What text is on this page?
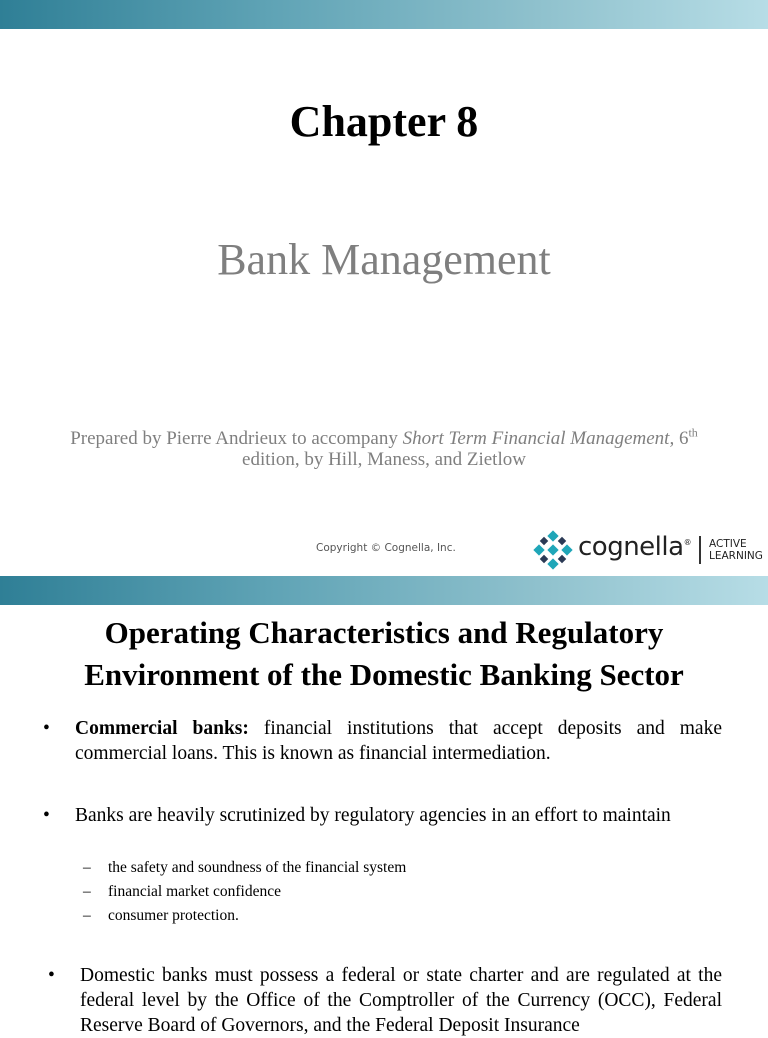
Chapter 8
Bank Management
Prepared by Pierre Andrieux to accompany Short Term Financial Management, 6th edition, by Hill, Maness, and Zietlow
Copyright © Cognella, Inc.	cognella® ACTIVE
LEARNING
Operating Characteristics and Regulatory
Environment of the Domestic Banking Sector
• Commercial banks: financial institutions that accept deposits and make commercial loans. This is known as financial intermediation.
• Banks are heavily scrutinized by regulatory agencies in an effort to maintain
– the safety and soundness of the financial system
– financial market confidence
– consumer protection.
• Domestic banks must possess a federal or state charter and are regulated at the federal level by the Office of the Comptroller of the Currency (OCC), Federal Reserve Board of Governors, and the Federal Deposit Insurance
